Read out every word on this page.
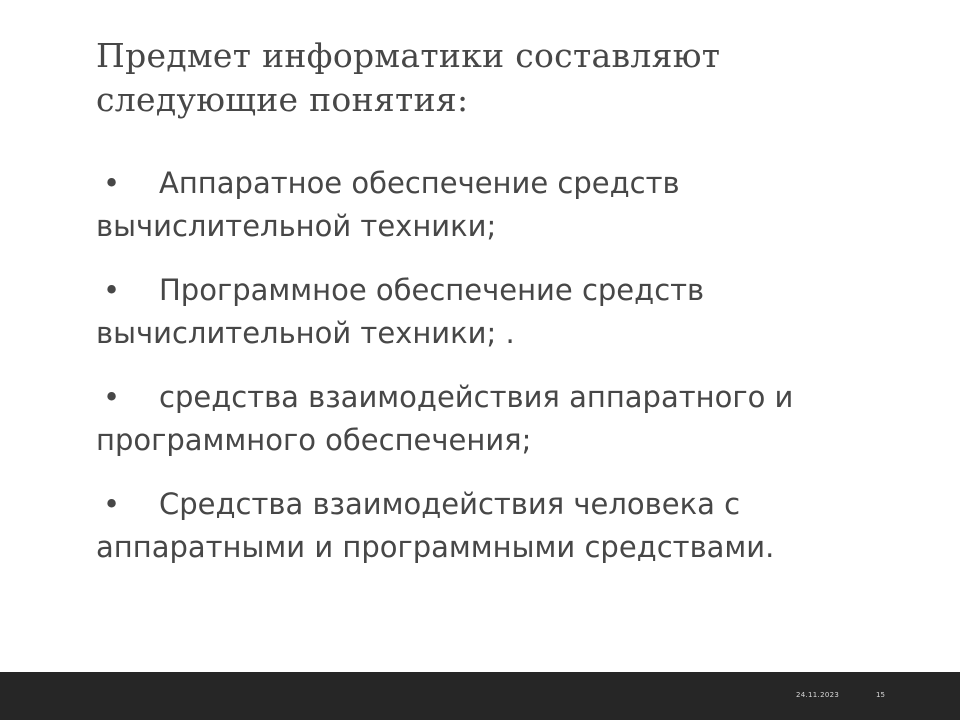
Предмет информатики составляют следующие понятия:
• Аппаратное обеспечение средств вычислительной техники;
• Программное обеспечение средств вычислительной техники; .
• средства взаимодействия аппаратного и программного обеспечения;
• Средства взаимодействия человека с аппаратными и программными средствами.
24.11.2023	15
